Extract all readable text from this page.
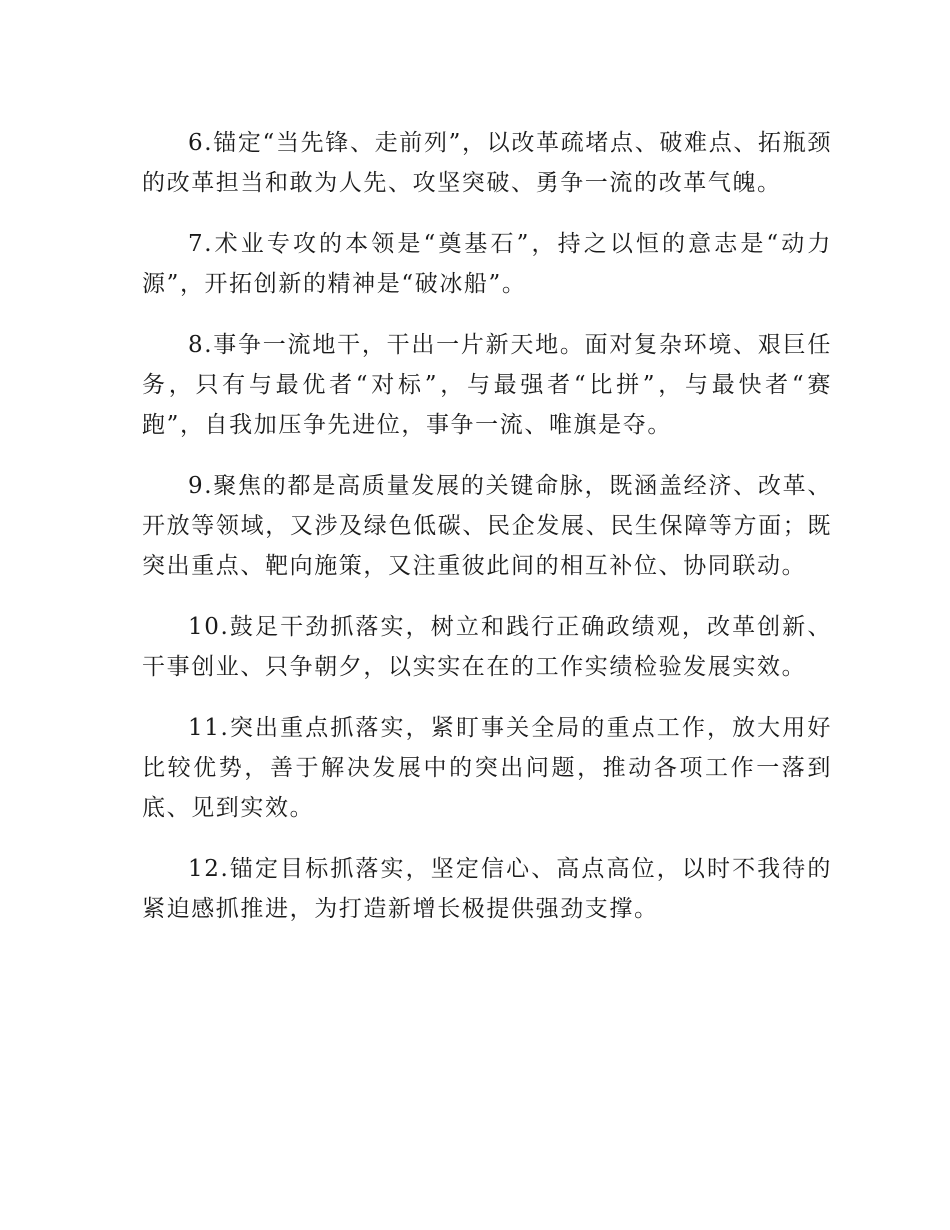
6.锚定“当先锋、走前列”，以改革疏堵点、破难点、拓瓶颈的改革担当和敢为人先、攻坚突破、勇争一流的改革气魄。

7.术业专攻的本领是“奠基石”，持之以恒的意志是“动力源”，开拓创新的精神是“破冰船”。

8.事争一流地干，干出一片新天地。面对复杂环境、艰巨任务，只有与最优者“对标”，与最强者“比拼”，与最快者“赛跑”，自我加压争先进位，事争一流、唯旗是夺。

9.聚焦的都是高质量发展的关键命脉，既涵盖经济、改革、开放等领域，又涉及绿色低碳、民企发展、民生保障等方面；既突出重点、靶向施策，又注重彼此间的相互补位、协同联动。

10.鼓足干劲抓落实，树立和践行正确政绩观，改革创新、干事创业、只争朝夕，以实实在在的工作实绩检验发展实效。

11.突出重点抓落实，紧盯事关全局的重点工作，放大用好比较优势，善于解决发展中的突出问题，推动各项工作一落到底、见到实效。

12.锚定目标抓落实，坚定信心、高点高位，以时不我待的紧迫感抓推进，为打造新增长极提供强劲支撑。
